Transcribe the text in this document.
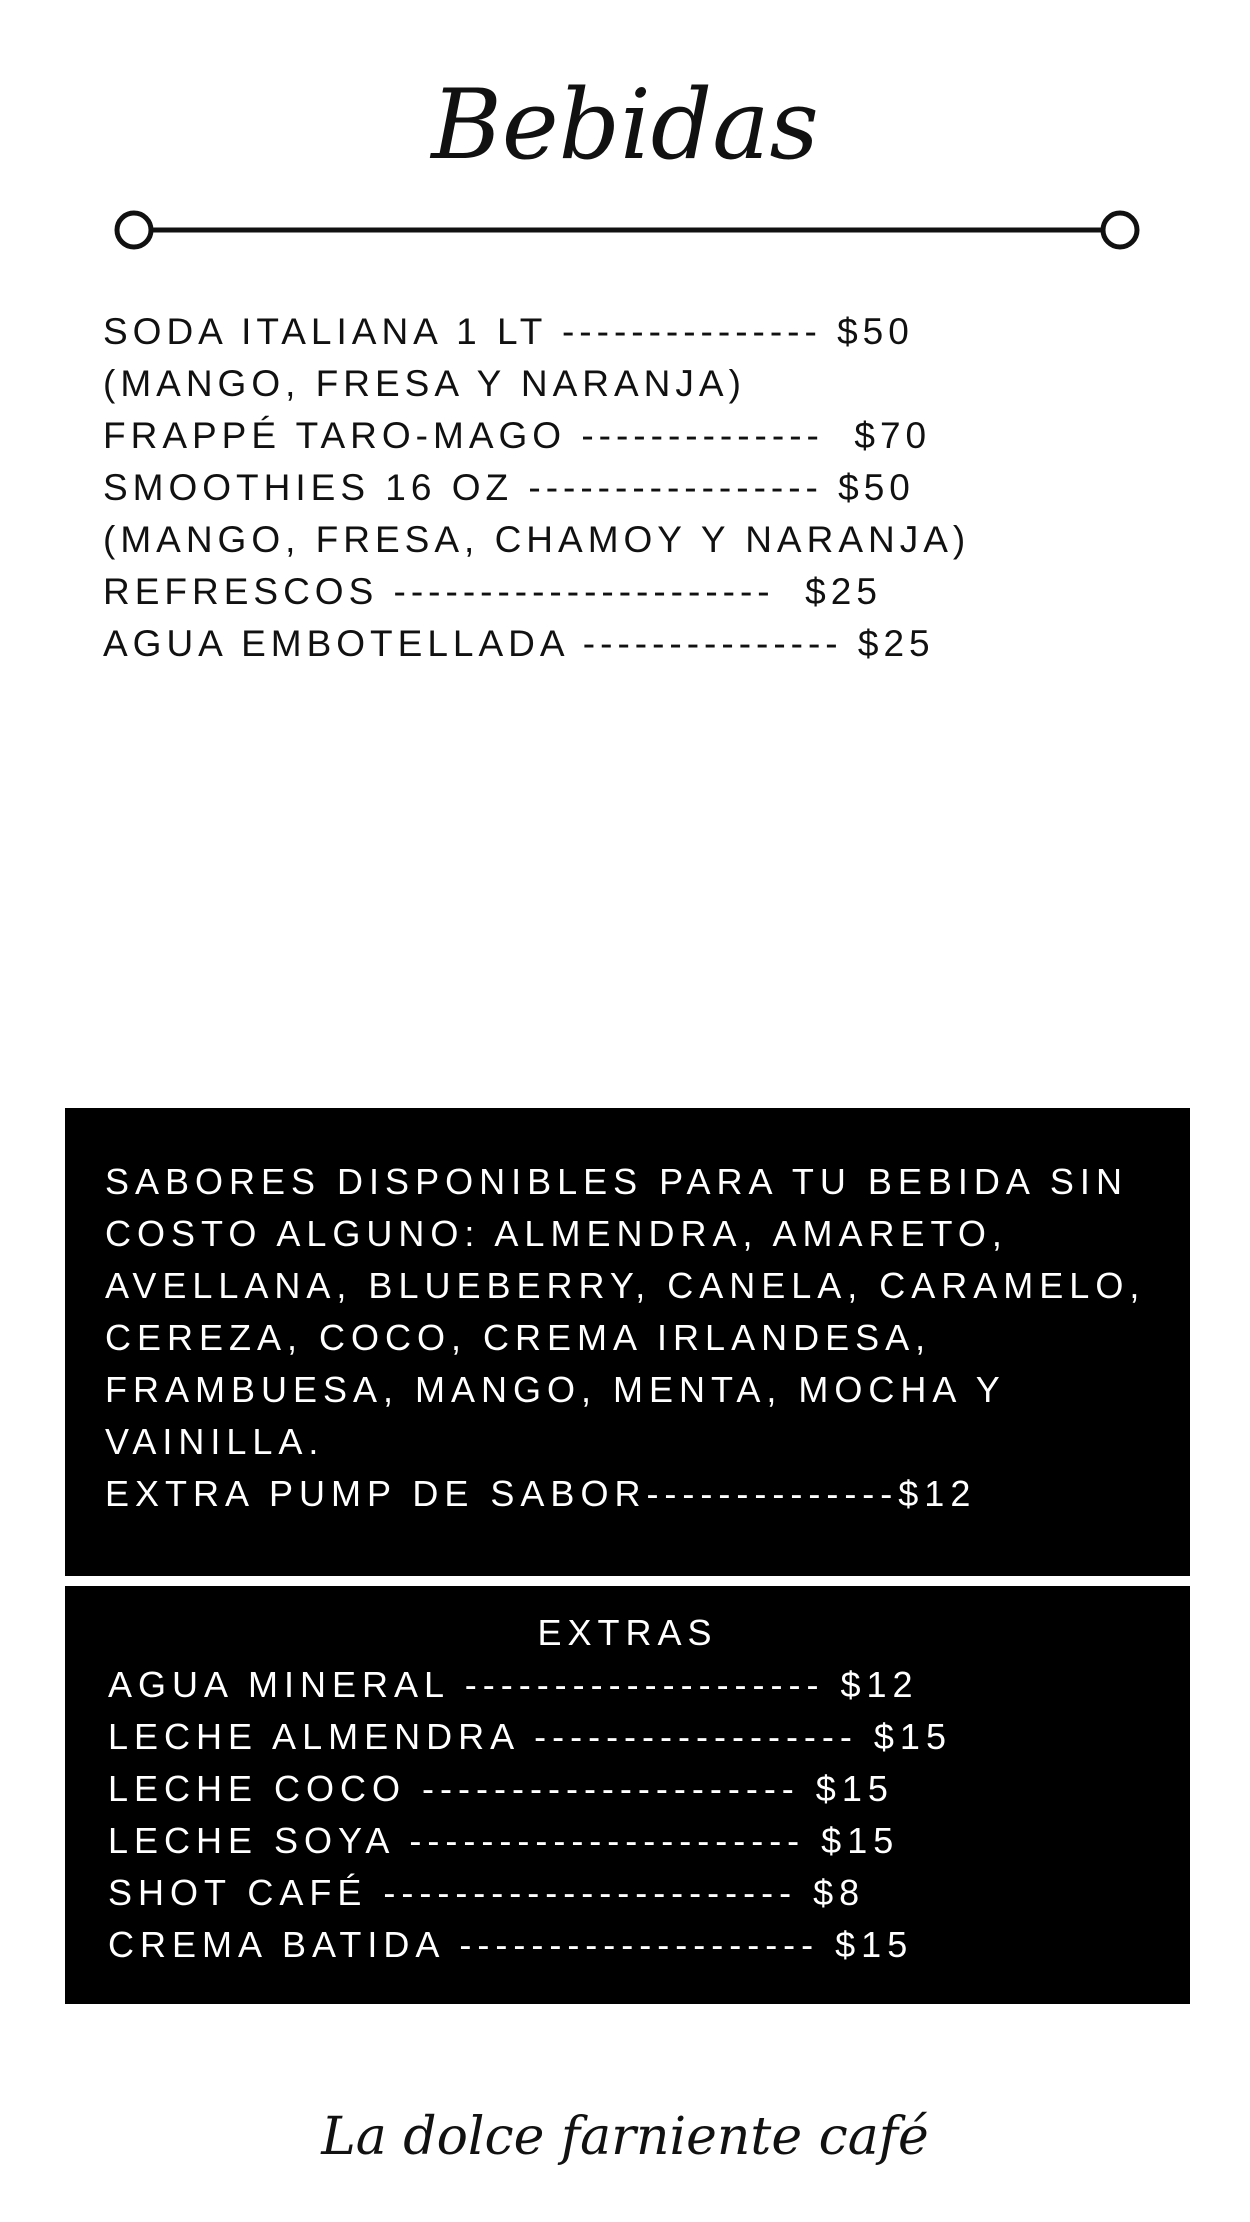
Bebidas

SODA ITALIANA 1 LT --------------- $50

(MANGO, FRESA Y NARANJA)

FRAPPÉ TARO-MAGO --------------  $70

SMOOTHIES 16 OZ ----------------- $50

(MANGO, FRESA, CHAMOY Y NARANJA)

REFRESCOS ----------------------  $25

AGUA EMBOTELLADA --------------- $25

SABORES DISPONIBLES PARA TU BEBIDA SIN

COSTO ALGUNO: ALMENDRA, AMARETO,

AVELLANA, BLUEBERRY, CANELA, CARAMELO,

CEREZA, COCO, CREMA IRLANDESA,

FRAMBUESA, MANGO, MENTA, MOCHA Y

VAINILLA.

EXTRA PUMP DE SABOR--------------$12

EXTRAS

AGUA MINERAL -------------------- $12

LECHE ALMENDRA ------------------ $15

LECHE COCO --------------------- $15

LECHE SOYA ---------------------- $15

SHOT CAFÉ ----------------------- $8

CREMA BATIDA -------------------- $15

La dolce farniente café
